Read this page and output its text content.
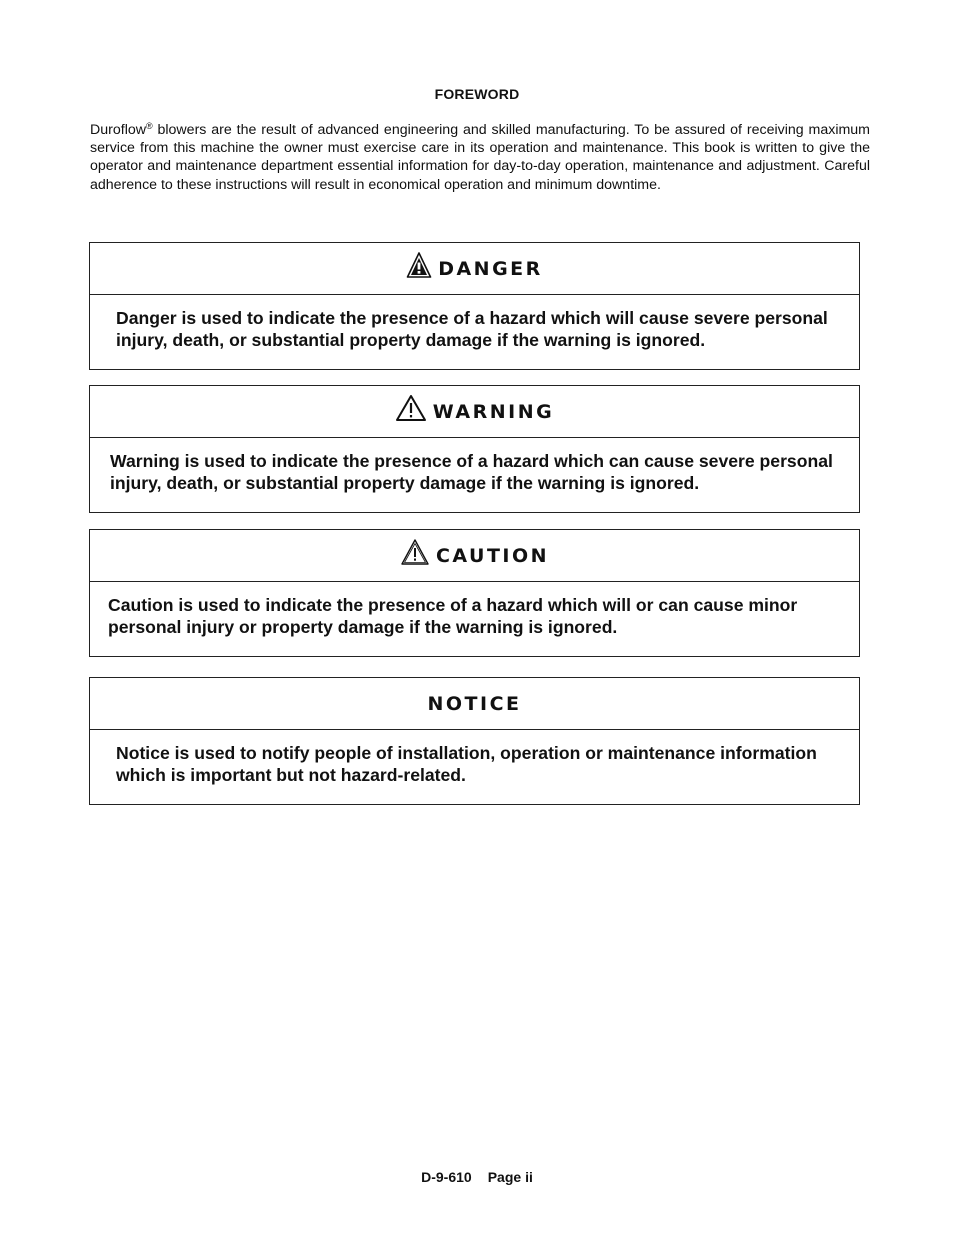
FOREWORD
Duroflow® blowers are the result of advanced engineering and skilled manufacturing. To be assured of receiving maximum service from this machine the owner must exercise care in its operation and maintenance. This book is written to give the operator and maintenance department essential information for day-to-day operation, maintenance and adjustment. Careful adherence to these instructions will result in economical operation and minimum downtime.
DANGER
Danger is used to indicate the presence of a hazard which will cause severe personal injury, death, or substantial property damage if the warning is ignored.
WARNING
Warning is used to indicate the presence of a hazard which can cause severe personal injury, death, or substantial property damage if the warning is ignored.
CAUTION
Caution is used to indicate the presence of a hazard which will or can cause minor personal injury or property damage if the warning is ignored.
NOTICE
Notice is used to notify people of installation, operation or maintenance information which is important but not hazard-related.
D-9-610 Page ii
